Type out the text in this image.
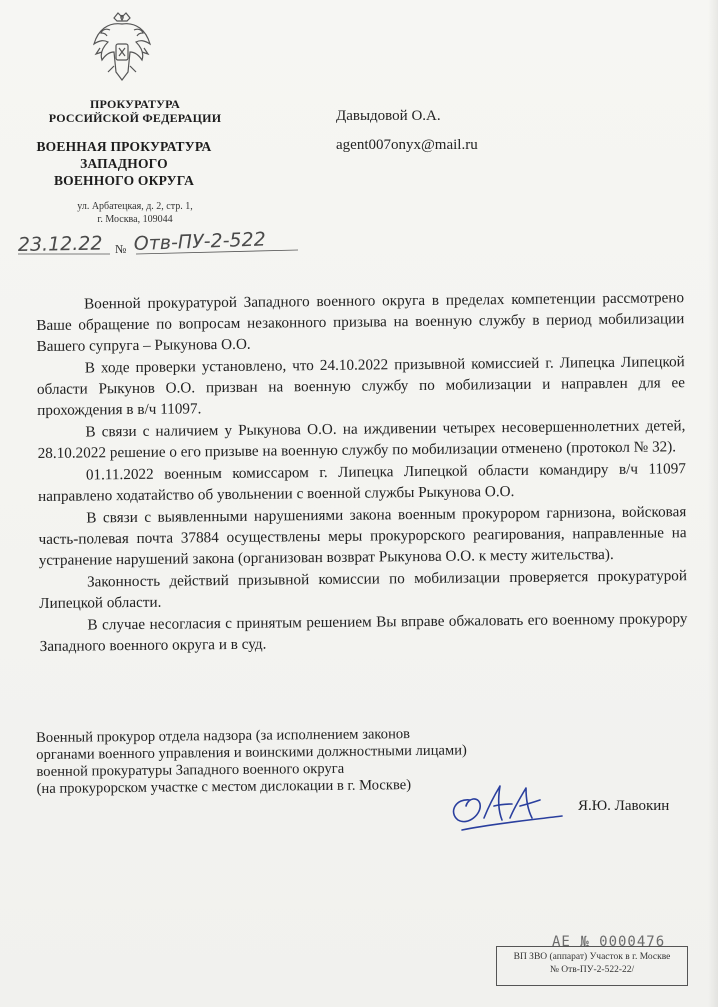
ПРОКУРАТУРА
РОССИЙСКОЙ ФЕДЕРАЦИИ
ВОЕННАЯ ПРОКУРАТУРА
ЗАПАДНОГО
ВОЕННОГО ОКРУГА
ул. Арбатецкая, д. 2, стр. 1,
г. Москва, 109044
23.12.22 № Отв-ПУ-2-522
Давыдовой О.А.
agent007onyx@mail.ru

Военной прокуратурой Западного военного округа в пределах компетенции рассмотрено Ваше обращение по вопросам незаконного призыва на военную службу в период мобилизации Вашего супруга – Рыкунова О.О.

В ходе проверки установлено, что 24.10.2022 призывной комиссией г. Липецка Липецкой области Рыкунов О.О. призван на военную службу по мобилизации и направлен для ее прохождения в в/ч 11097.

В связи с наличием у Рыкунова О.О. на иждивении четырех несовершеннолетних детей, 28.10.2022 решение о его призыве на военную службу по мобилизации отменено (протокол № 32).

01.11.2022 военным комиссаром г. Липецка Липецкой области командиру в/ч 11097 направлено ходатайство об увольнении с военной службы Рыкунова О.О.

В связи с выявленными нарушениями закона военным прокурором гарнизона, войсковая часть-полевая почта 37884 осуществлены меры прокурорского реагирования, направленные на устранение нарушений закона (организован возврат Рыкунова О.О. к месту жительства).

Законность действий призывной комиссии по мобилизации проверяется прокуратурой Липецкой области.

В случае несогласия с принятым решением Вы вправе обжаловать его военному прокурору Западного военного округа и в суд.

Военный прокурор отдела надзора (за исполнением законов
органами военного управления и воинскими должностными лицами)
военной прокуратуры Западного военного округа
(на прокурорском участке с местом дислокации в г. Москве)
Я.Ю. Лавокин
АЕ № 0000476
ВП ЗВО (аппарат) Участок в г. Москве
№ Отв-ПУ-2-522-22/
